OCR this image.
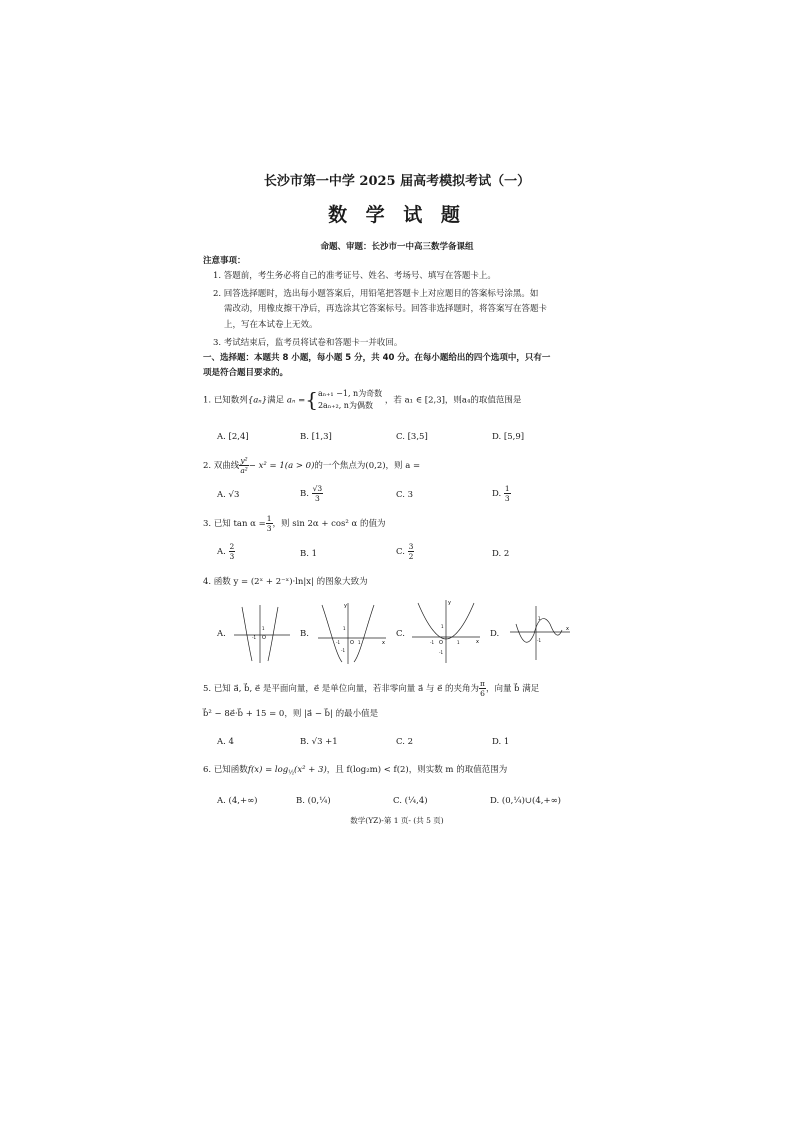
长沙市第一中学 2025 届高考模拟考试（一）
数 学 试 题
命题、审题：长沙市一中高三数学备课组
注意事项：
1. 答题前，考生务必将自己的准考证号、姓名、考场号、填写在答题卡上。
2. 回答选择题时，选出每小题答案后，用铅笔把答题卡上对应题目的答案标号涂黑。如
需改动，用橡皮擦干净后，再选涂其它答案标号。回答非选择题时，将答案写在答题卡
上，写在本试卷上无效。
3. 考试结束后，监考员将试卷和答题卡一并收回。
一、选择题：本题共 8 小题，每小题 5 分，共 40 分。在每小题给出的四个选项中，只有一
项是符合题目要求的。
1. 已知数列{aₙ}满足 aₙ ={ aₙ₊₁ −1, n为奇数
2aₙ₊₂, n为偶数	，若 a₁ ∈ [2,3]，则a₄的取值范围是
A. [2,4]	B. [1,3]	C. [3,5]	D. [5,9]
2. 双曲线 $\frac{\text{y²}}{\text{a²}} - x^2 = 1(a > 0)$的一个焦点为(0,2)，则 a =
A. √3	B. $\frac{√3}{3}$	C. 3	D. $\frac{1}{3}$
3. 已知 $\tan \alpha = \frac{1}{3}$ ，则 sin 2α + cos² α 的值为
A. $\frac{2}{3}$	B. 1	C. $\frac{3}{2}$	D. 2
4. 函数 y = (2ˣ + 2⁻ˣ)·ln|x| 的图象大致为
A.	B.	C.	D.
O
-1
1
y
x
O
-1	1
1
-1
y
x
O
-1	1
1
-1
1
-1
x
5. 已知 a⃗, b⃗, e⃗ 是平面向量，e⃗ 是单位向量，若非零向量 a⃗ 与 e⃗ 的夹角为 $\frac{\pi}{6}$ ，向量 b⃗ 满足
b⃗² − 8e⃗·b⃗ + 15 = 0，则 |a⃗ − b⃗| 的最小值是
A. 4	B. √3 +1	C. 2	D. 1
6. 已知函数$f(x) = \log_{\frac{1}{2}}(x^2 + 3)$，且 f(log₂m) < f(2)，则实数 m 的取值范围为
A. (4,+∞)	B. (0,¼)	C. (¼,4)	D. (0,¼)∪(4,+∞)
数学(YZ)-第 1 页- (共 5 页)
